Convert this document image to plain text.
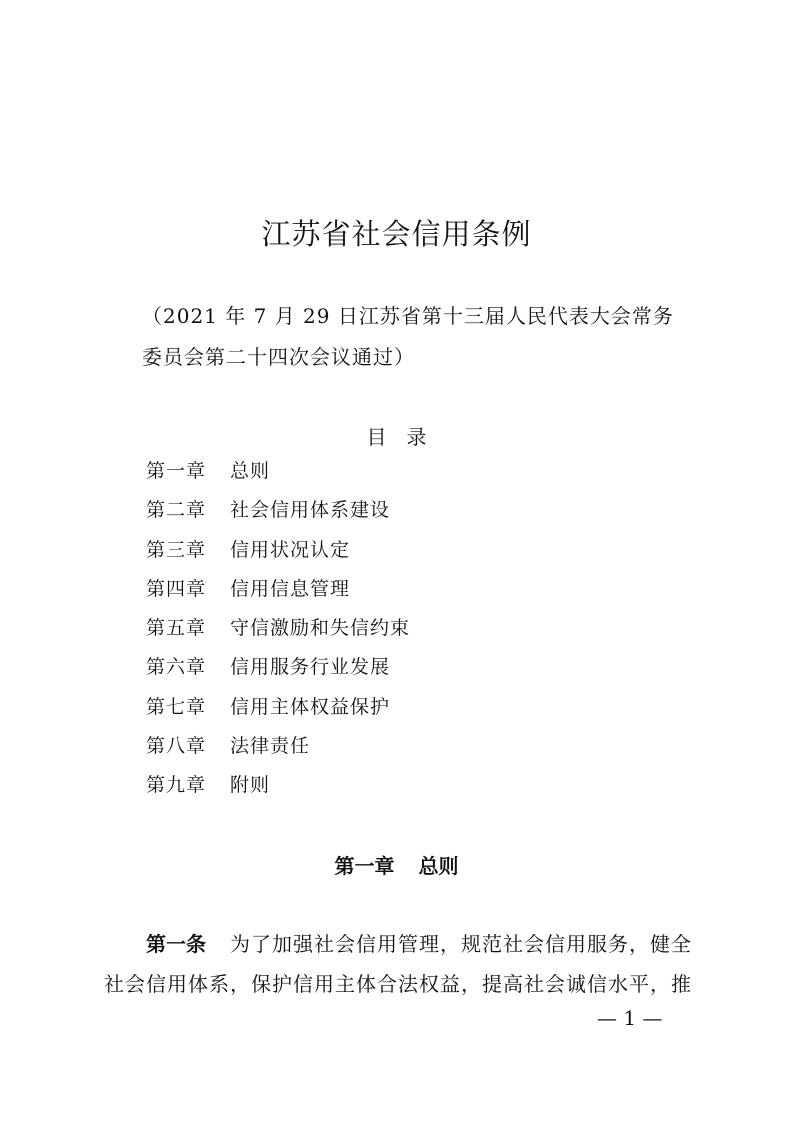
江苏省社会信用条例
（2021 年 7 月 29 日江苏省第十三届人民代表大会常务
委员会第二十四次会议通过）
目　录
第一章 总则
第二章 社会信用体系建设
第三章 信用状况认定
第四章 信用信息管理
第五章 守信激励和失信约束
第六章 信用服务行业发展
第七章 信用主体权益保护
第八章 法律责任
第九章 附则
第一章 总则
第一条 为了加强社会信用管理，规范社会信用服务，健全
社会信用体系，保护信用主体合法权益，提高社会诚信水平，推
— 1 —
